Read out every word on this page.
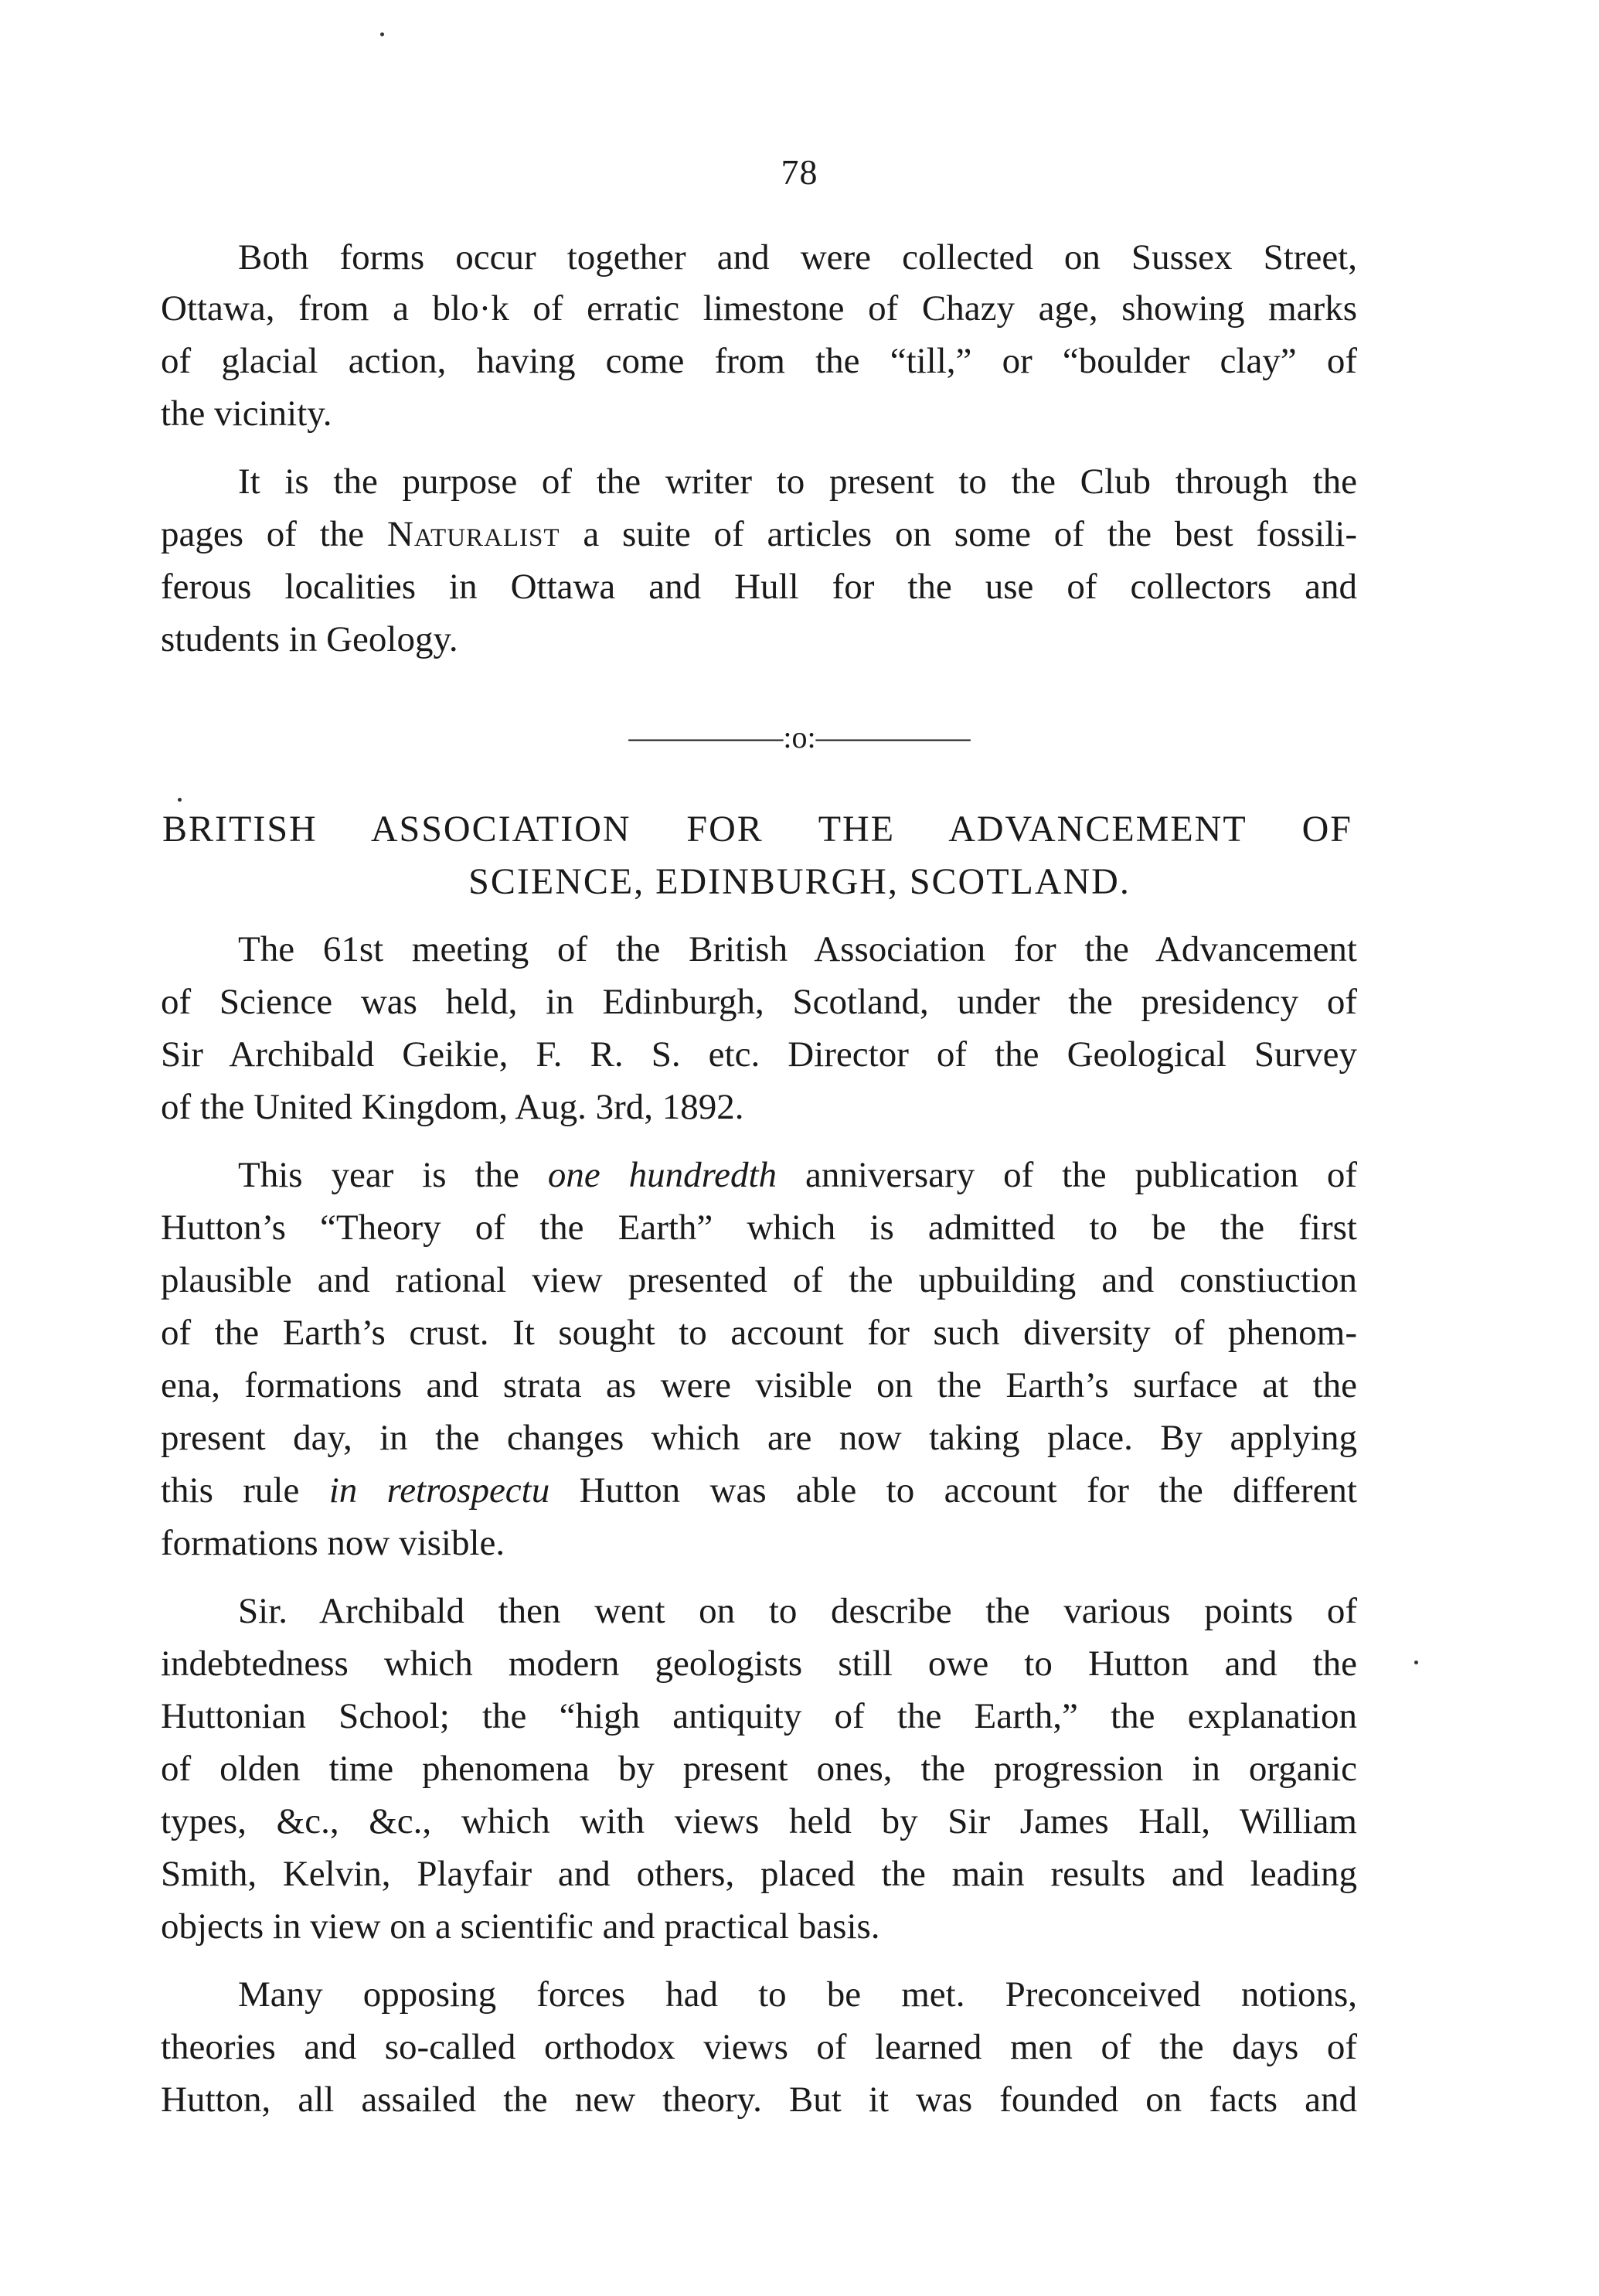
78
Both forms occur together and were collected on Sussex Street,
Ottawa, from a blo·k of erratic limestone of Chazy age, showing marks
of glacial action, having come from the “till,” or “boulder clay” of
the vicinity.
It is the purpose of the writer to present to the Club through the
pages of the Naturalist a suite of articles on some of the best fossili-
ferous localities in Ottawa and Hull for the use of collectors and
students in Geology.
—————:o:—————
BRITISH ASSOCIATION FOR THE ADVANCEMENT OF
SCIENCE, EDINBURGH, SCOTLAND.
The 61st meeting of the British Association for the Advancement
of Science was held, in Edinburgh, Scotland, under the presidency of
Sir Archibald Geikie, F. R. S. etc. Director of the Geological Survey
of the United Kingdom, Aug. 3rd, 1892.
This year is the one hundredth anniversary of the publication of
Hutton’s “Theory of the Earth” which is admitted to be the first
plausible and rational view presented of the upbuilding and constiuction
of the Earth’s crust. It sought to account for such diversity of phenom-
ena, formations and strata as were visible on the Earth’s surface at the
present day, in the changes which are now taking place. By applying
this rule in retrospectu Hutton was able to account for the different
formations now visible.
Sir. Archibald then went on to describe the various points of
indebtedness which modern geologists still owe to Hutton and the
Huttonian School; the “high antiquity of the Earth,” the explanation
of olden time phenomena by present ones, the progression in organic
types, &c., &c., which with views held by Sir James Hall, William
Smith, Kelvin, Playfair and others, placed the main results and leading
objects in view on a scientific and practical basis.
Many opposing forces had to be met. Preconceived notions,
theories and so-called orthodox views of learned men of the days of
Hutton, all assailed the new theory. But it was founded on facts and
